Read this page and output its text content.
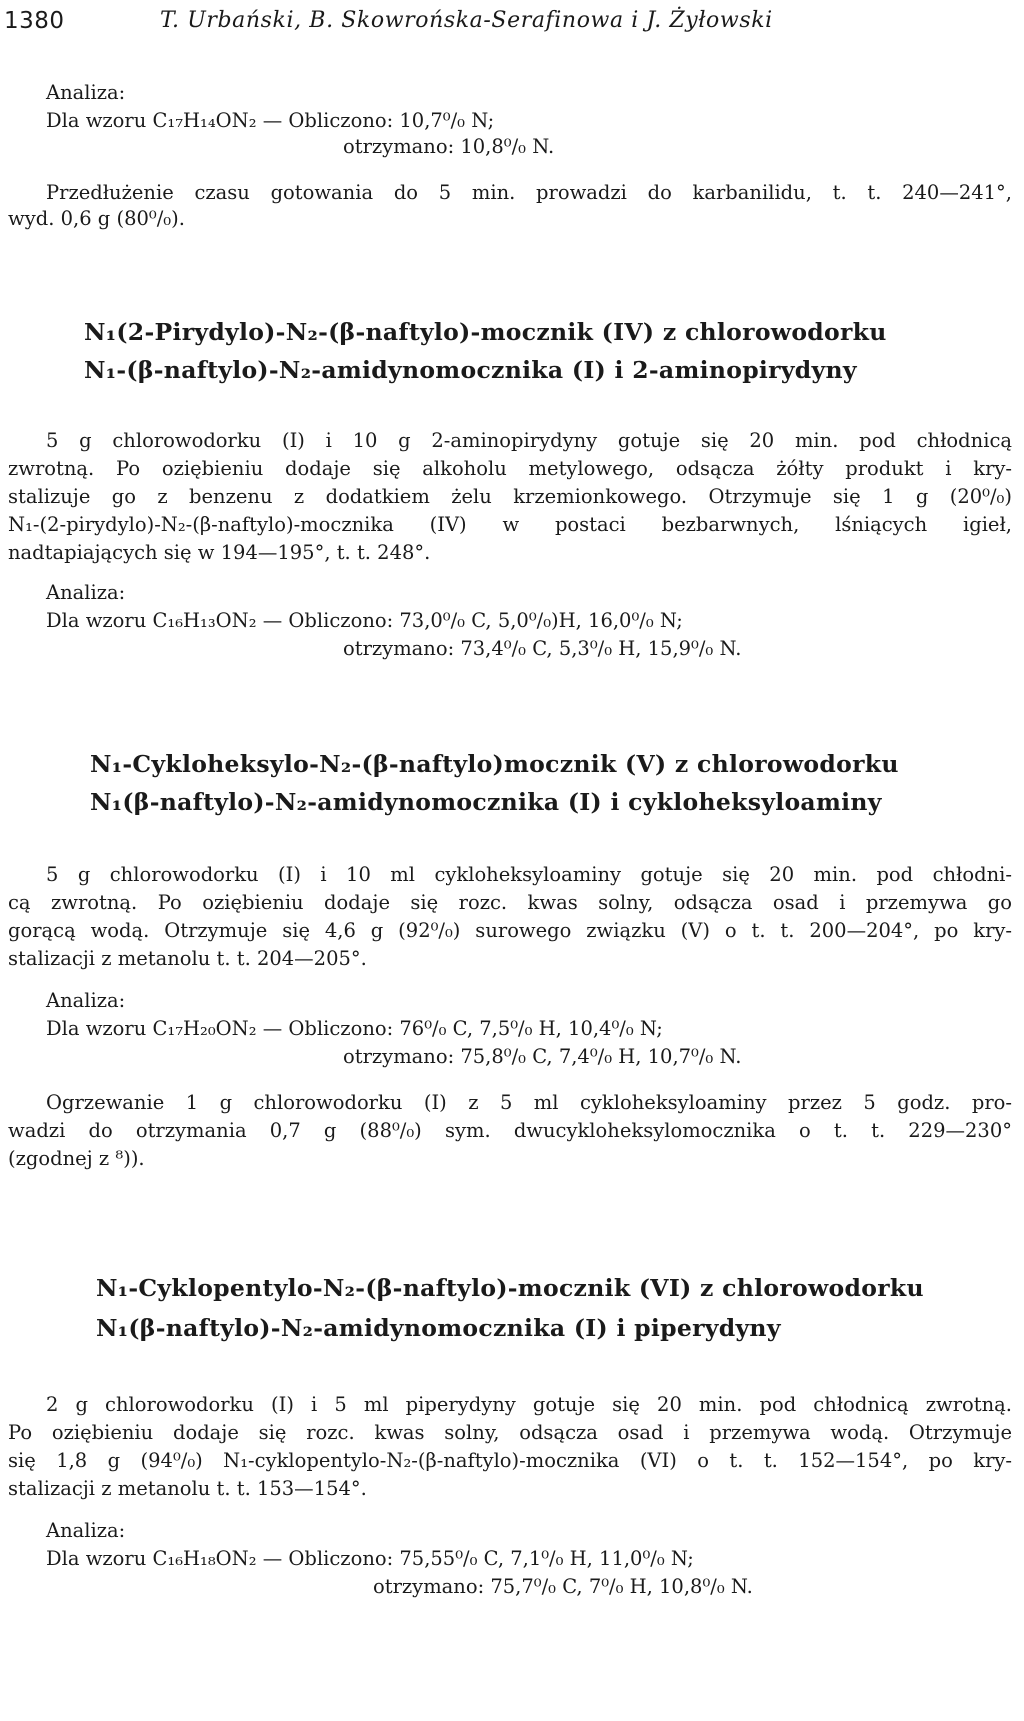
1380	T. Urbański, B. Skowrońska-Serafinowa i J. Żyłowski
Analiza:
Dla wzoru C₁₇H₁₄ON₂ — Obliczono: 10,7⁰/₀ N;
otrzymano: 10,8⁰/₀ N.
Przedłużenie czasu gotowania do 5 min. prowadzi do karbanilidu, t. t. 240—241°,
wyd. 0,6 g (80⁰/₀).
N₁(2-Pirydylo)-N₂-(β-naftylo)-mocznik (IV) z chlorowodorku
N₁-(β-naftylo)-N₂-amidynomocznika (I) i 2-aminopirydyny
5 g chlorowodorku (I) i 10 g 2-aminopirydyny gotuje się 20 min. pod chłodnicą
zwrotną. Po oziębieniu dodaje się alkoholu metylowego, odsącza żółty produkt i kry-
stalizuje go z benzenu z dodatkiem żelu krzemionkowego. Otrzymuje się 1 g (20⁰/₀)
N₁-(2-pirydylo)-N₂-(β-naftylo)-mocznika (IV) w postaci bezbarwnych, lśniących igieł,
nadtapiających się w 194—195°, t. t. 248°.
Analiza:
Dla wzoru C₁₆H₁₃ON₂ — Obliczono: 73,0⁰/₀ C, 5,0⁰/₀)H, 16,0⁰/₀ N;
otrzymano: 73,4⁰/₀ C, 5,3⁰/₀ H, 15,9⁰/₀ N.
N₁-Cykloheksylo-N₂-(β-naftylo)mocznik (V) z chlorowodorku
N₁(β-naftylo)-N₂-amidynomocznika (I) i cykloheksyloaminy
5 g chlorowodorku (I) i 10 ml cykloheksyloaminy gotuje się 20 min. pod chłodni-
cą zwrotną. Po oziębieniu dodaje się rozc. kwas solny, odsącza osad i przemywa go
gorącą wodą. Otrzymuje się 4,6 g (92⁰/₀) surowego związku (V) o t. t. 200—204°, po kry-
stalizacji z metanolu t. t. 204—205°.
Analiza:
Dla wzoru C₁₇H₂₀ON₂ — Obliczono: 76⁰/₀ C, 7,5⁰/₀ H, 10,4⁰/₀ N;
otrzymano: 75,8⁰/₀ C, 7,4⁰/₀ H, 10,7⁰/₀ N.
Ogrzewanie 1 g chlorowodorku (I) z 5 ml cykloheksyloaminy przez 5 godz. pro-
wadzi do otrzymania 0,7 g (88⁰/₀) sym. dwucykloheksylomocznika o t. t. 229—230°
(zgodnej z ⁸)).
N₁-Cyklopentylo-N₂-(β-naftylo)-mocznik (VI) z chlorowodorku
N₁(β-naftylo)-N₂-amidynomocznika (I) i piperydyny
2 g chlorowodorku (I) i 5 ml piperydyny gotuje się 20 min. pod chłodnicą zwrotną.
Po oziębieniu dodaje się rozc. kwas solny, odsącza osad i przemywa wodą. Otrzymuje
się 1,8 g (94⁰/₀) N₁-cyklopentylo-N₂-(β-naftylo)-mocznika (VI) o t. t. 152—154°, po kry-
stalizacji z metanolu t. t. 153—154°.
Analiza:
Dla wzoru C₁₆H₁₈ON₂ — Obliczono: 75,55⁰/₀ C, 7,1⁰/₀ H, 11,0⁰/₀ N;
otrzymano: 75,7⁰/₀ C, 7⁰/₀ H, 10,8⁰/₀ N.
